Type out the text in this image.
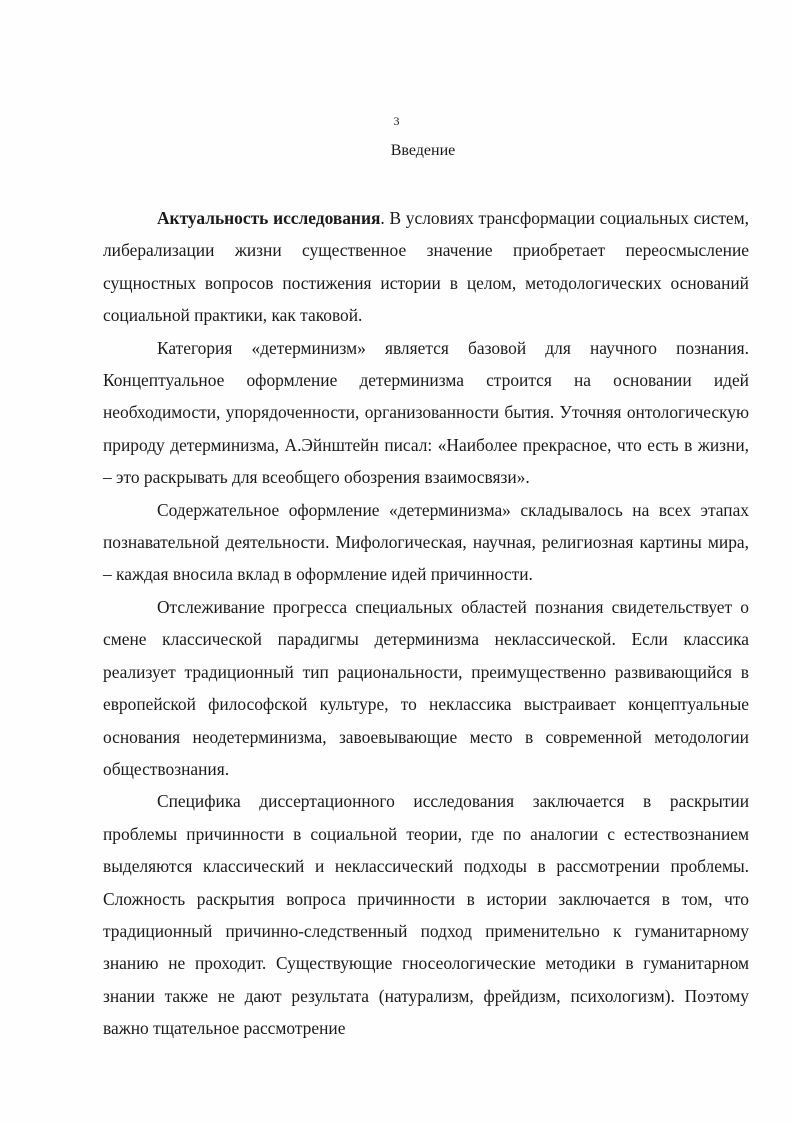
3
Введение

Актуальность исследования. В условиях трансформации социальных систем, либерализации жизни существенное значение приобретает переосмысление сущностных вопросов постижения истории в целом, методологических оснований социальной практики, как таковой.

Категория «детерминизм» является базовой для научного познания. Концептуальное оформление детерминизма строится на основании идей необходимости, упорядоченности, организованности бытия. Уточняя онтологическую природу детерминизма, А.Эйнштейн писал: «Наиболее прекрасное, что есть в жизни, – это раскрывать для всеобщего обозрения взаимосвязи».

Содержательное оформление «детерминизма» складывалось на всех этапах познавательной деятельности. Мифологическая, научная, религиозная картины мира, – каждая вносила вклад в оформление идей причинности.

Отслеживание прогресса специальных областей познания свидетельствует о смене классической парадигмы детерминизма неклассической. Если классика реализует традиционный тип рациональности, преимущественно развивающийся в европейской философской культуре, то неклассика выстраивает концептуальные основания неодетерминизма, завоевывающие место в современной методологии обществознания.

Специфика диссертационного исследования заключается в раскрытии проблемы причинности в социальной теории, где по аналогии с естествознанием выделяются классический и неклассический подходы в рассмотрении проблемы. Сложность раскрытия вопроса причинности в истории заключается в том, что традиционный причинно-следственный подход применительно к гуманитарному знанию не проходит. Существующие гносеологические методики в гуманитарном знании также не дают результата (натурализм, фрейдизм, психологизм). Поэтому важно тщательное рассмотрение
